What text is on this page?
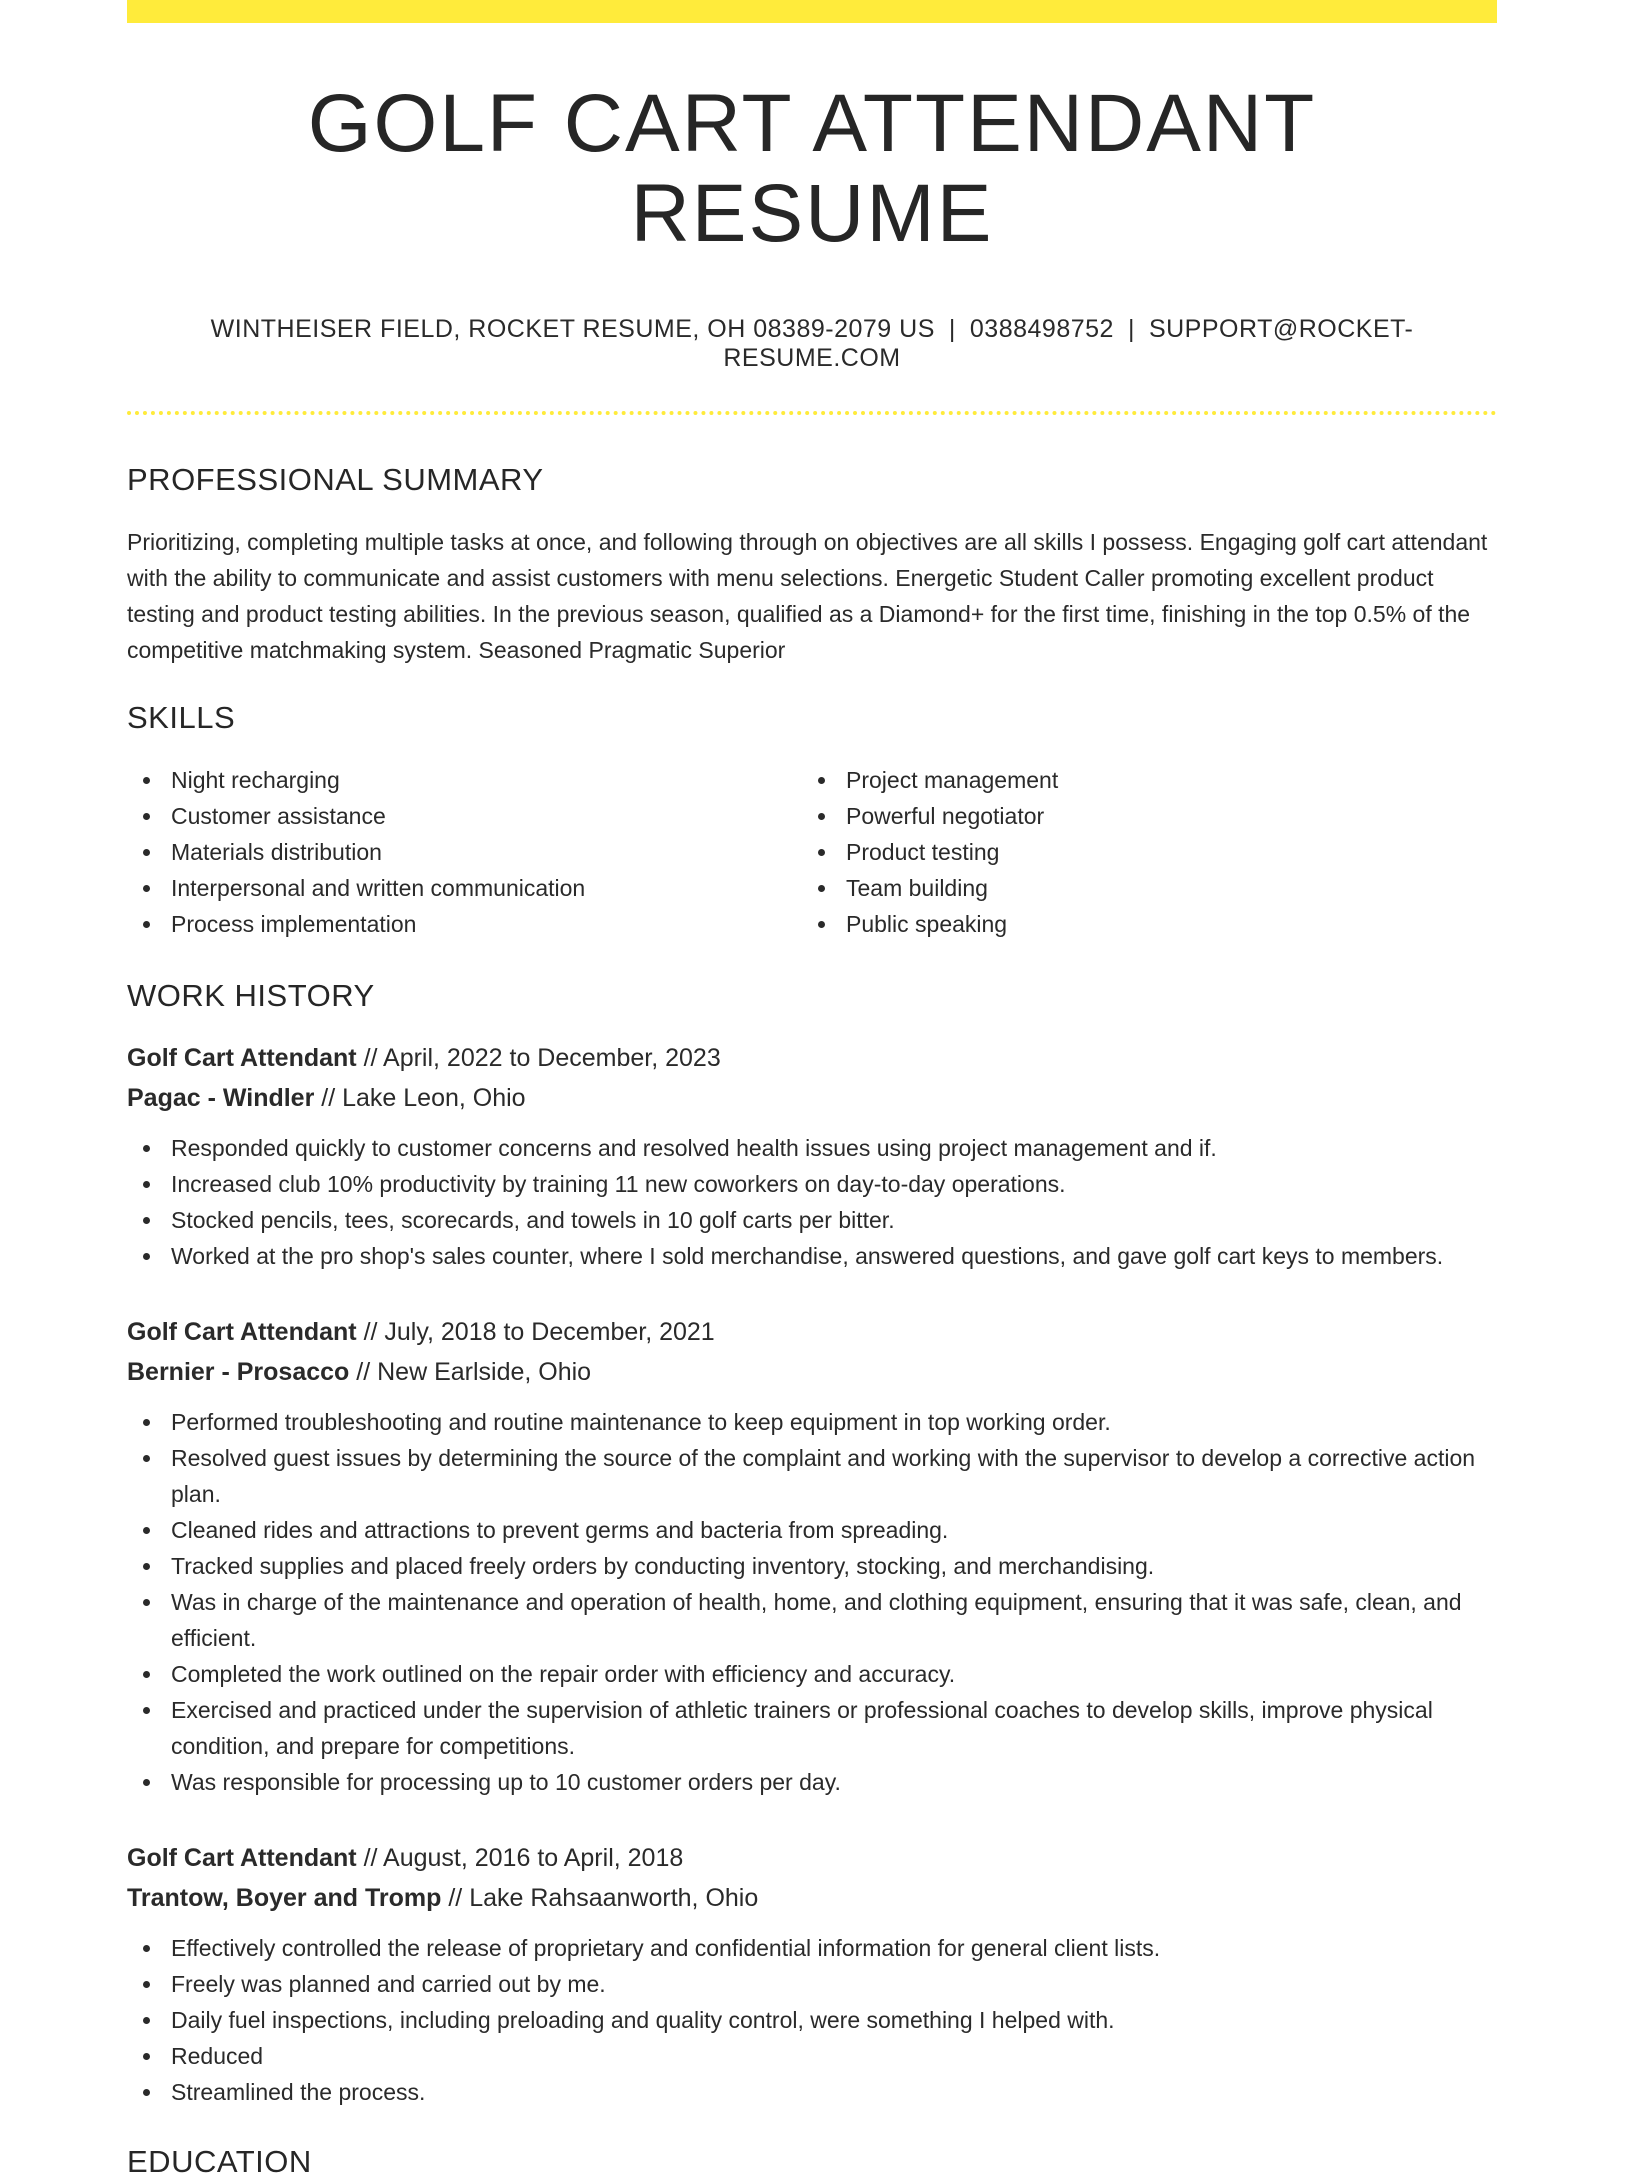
GOLF CART ATTENDANT RESUME
WINTHEISER FIELD, ROCKET RESUME, OH 08389-2079 US | 0388498752 | SUPPORT@ROCKET-RESUME.COM
PROFESSIONAL SUMMARY

Prioritizing, completing multiple tasks at once, and following through on objectives are all skills I possess. Engaging golf cart attendant with the ability to communicate and assist customers with menu selections. Energetic Student Caller promoting excellent product testing and product testing abilities. In the previous season, qualified as a Diamond+ for the first time, finishing in the top 0.5% of the competitive matchmaking system. Seasoned Pragmatic Superior

SKILLS
Night recharging
Customer assistance
Materials distribution
Interpersonal and written communication
Process implementation
Project management
Powerful negotiator
Product testing
Team building
Public speaking
WORK HISTORY
Golf Cart Attendant // April, 2022 to December, 2023
Pagac - Windler // Lake Leon, Ohio
Responded quickly to customer concerns and resolved health issues using project management and if.
Increased club 10% productivity by training 11 new coworkers on day-to-day operations.
Stocked pencils, tees, scorecards, and towels in 10 golf carts per bitter.
Worked at the pro shop's sales counter, where I sold merchandise, answered questions, and gave golf cart keys to members.
Golf Cart Attendant // July, 2018 to December, 2021
Bernier - Prosacco // New Earlside, Ohio
Performed troubleshooting and routine maintenance to keep equipment in top working order.
Resolved guest issues by determining the source of the complaint and working with the supervisor to develop a corrective action plan.
Cleaned rides and attractions to prevent germs and bacteria from spreading.
Tracked supplies and placed freely orders by conducting inventory, stocking, and merchandising.
Was in charge of the maintenance and operation of health, home, and clothing equipment, ensuring that it was safe, clean, and efficient.
Completed the work outlined on the repair order with efficiency and accuracy.
Exercised and practiced under the supervision of athletic trainers or professional coaches to develop skills, improve physical condition, and prepare for competitions.
Was responsible for processing up to 10 customer orders per day.
Golf Cart Attendant // August, 2016 to April, 2018
Trantow, Boyer and Tromp // Lake Rahsaanworth, Ohio
Effectively controlled the release of proprietary and confidential information for general client lists.
Freely was planned and carried out by me.
Daily fuel inspections, including preloading and quality control, were something I helped with.
Reduced
Streamlined the process.
EDUCATION
